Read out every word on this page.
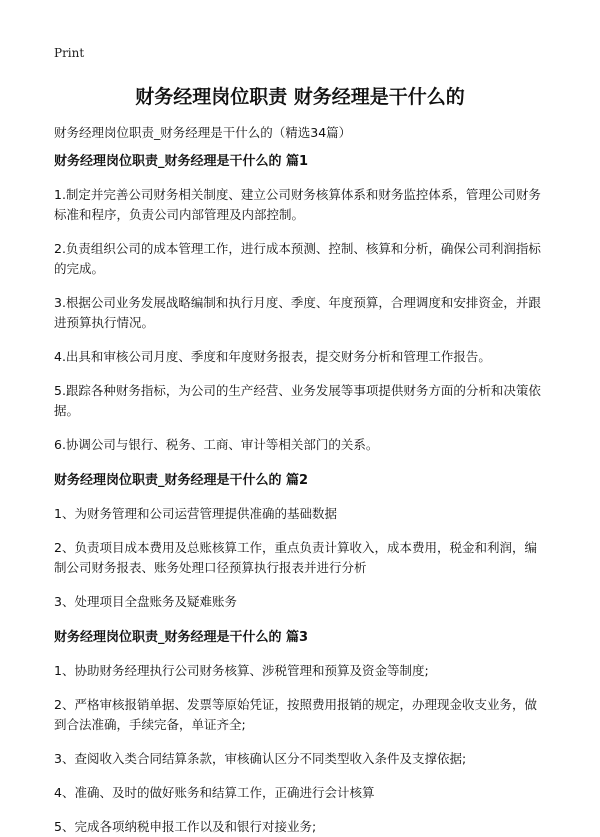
Print
财务经理岗位职责 财务经理是干什么的
财务经理岗位职责_财务经理是干什么的（精选34篇）

财务经理岗位职责_财务经理是干什么的 篇1

1.制定并完善公司财务相关制度、建立公司财务核算体系和财务监控体系，管理公司财务标准和程序，负责公司内部管理及内部控制。

2.负责组织公司的成本管理工作，进行成本预测、控制、核算和分析，确保公司利润指标的完成。

3.根据公司业务发展战略编制和执行月度、季度、年度预算，合理调度和安排资金，并跟进预算执行情况。

4.出具和审核公司月度、季度和年度财务报表，提交财务分析和管理工作报告。

5.跟踪各种财务指标，为公司的生产经营、业务发展等事项提供财务方面的分析和决策依据。

6.协调公司与银行、税务、工商、审计等相关部门的关系。

财务经理岗位职责_财务经理是干什么的 篇2

1、为财务管理和公司运营管理提供准确的基础数据

2、负责项目成本费用及总账核算工作，重点负责计算收入，成本费用，税金和利润，编制公司财务报表、账务处理口径预算执行报表并进行分析

3、处理项目全盘账务及疑难账务

财务经理岗位职责_财务经理是干什么的 篇3

1、协助财务经理执行公司财务核算、涉税管理和预算及资金等制度;

2、严格审核报销单据、发票等原始凭证，按照费用报销的规定，办理现金收支业务，做到合法准确，手续完备，单证齐全;

3、查阅收入类合同结算条款，审核确认区分不同类型收入条件及支撑依据;

4、准确、及时的做好账务和结算工作，正确进行会计核算

5、完成各项纳税申报工作以及和银行对接业务;
